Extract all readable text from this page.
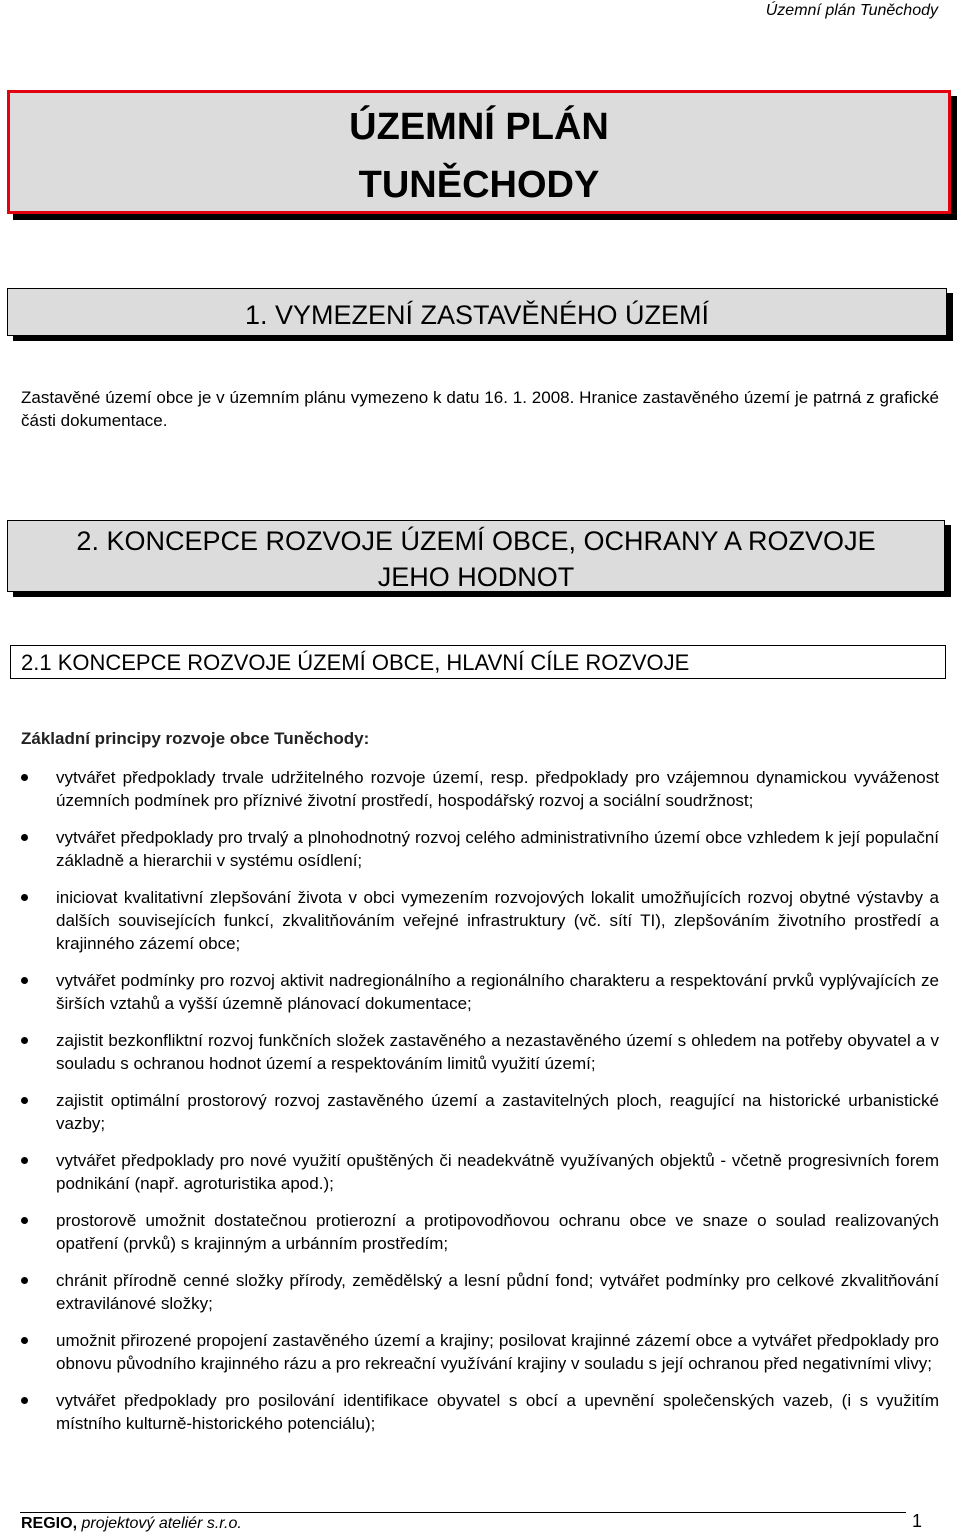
Územní plán Tuněchody
ÚZEMNÍ PLÁN
TUNĚCHODY
1. VYMEZENÍ ZASTAVĚNÉHO ÚZEMÍ
Zastavěné území obce je v územním plánu vymezeno k datu 16. 1. 2008. Hranice zastavěného území je patrná z grafické části dokumentace.
2. KONCEPCE ROZVOJE ÚZEMÍ OBCE, OCHRANY A ROZVOJE
JEHO HODNOT
2.1 KONCEPCE ROZVOJE ÚZEMÍ OBCE, HLAVNÍ CÍLE ROZVOJE
Základní principy rozvoje obce Tuněchody:
vytvářet předpoklady trvale udržitelného rozvoje území, resp. předpoklady pro vzájemnou dynamickou vyváženost územních podmínek pro příznivé životní prostředí, hospodářský rozvoj a sociální soudržnost;
vytvářet předpoklady pro trvalý a plnohodnotný rozvoj celého administrativního území obce vzhledem k její populační základně a hierarchii v systému osídlení;
iniciovat kvalitativní zlepšování života v obci vymezením rozvojových lokalit umožňujících rozvoj obytné výstavby a dalších souvisejících funkcí, zkvalitňováním veřejné infrastruktury (vč. sítí TI), zlepšováním životního prostředí a krajinného zázemí obce;
vytvářet podmínky pro rozvoj aktivit nadregionálního a regionálního charakteru a respektování prvků vyplývajících ze širších vztahů a vyšší územně plánovací dokumentace;
zajistit bezkonfliktní rozvoj funkčních složek zastavěného a nezastavěného území s ohledem na potřeby obyvatel a v souladu s ochranou hodnot území a respektováním limitů využití území;
zajistit optimální prostorový rozvoj zastavěného území a zastavitelných ploch, reagující na historické urbanistické vazby;
vytvářet předpoklady pro nové využití opuštěných či neadekvátně využívaných objektů - včetně progresivních forem podnikání (např. agroturistika apod.);
prostorově umožnit dostatečnou protierozní a protipovodňovou ochranu obce ve snaze o soulad realizovaných opatření (prvků) s krajinným a urbánním prostředím;
chránit přírodně cenné složky přírody, zemědělský a lesní půdní fond; vytvářet podmínky pro celkové zkvalitňování extravilánové složky;
umožnit přirozené propojení zastavěného území a krajiny; posilovat krajinné zázemí obce a vytvářet předpoklady pro obnovu původního krajinného rázu a pro rekreační využívání krajiny v souladu s její ochranou před negativními vlivy;
vytvářet předpoklady pro posilování identifikace obyvatel s obcí a upevnění společenských vazeb, (i s využitím místního kulturně-historického potenciálu);
REGIO, projektový ateliér s.r.o.	1
